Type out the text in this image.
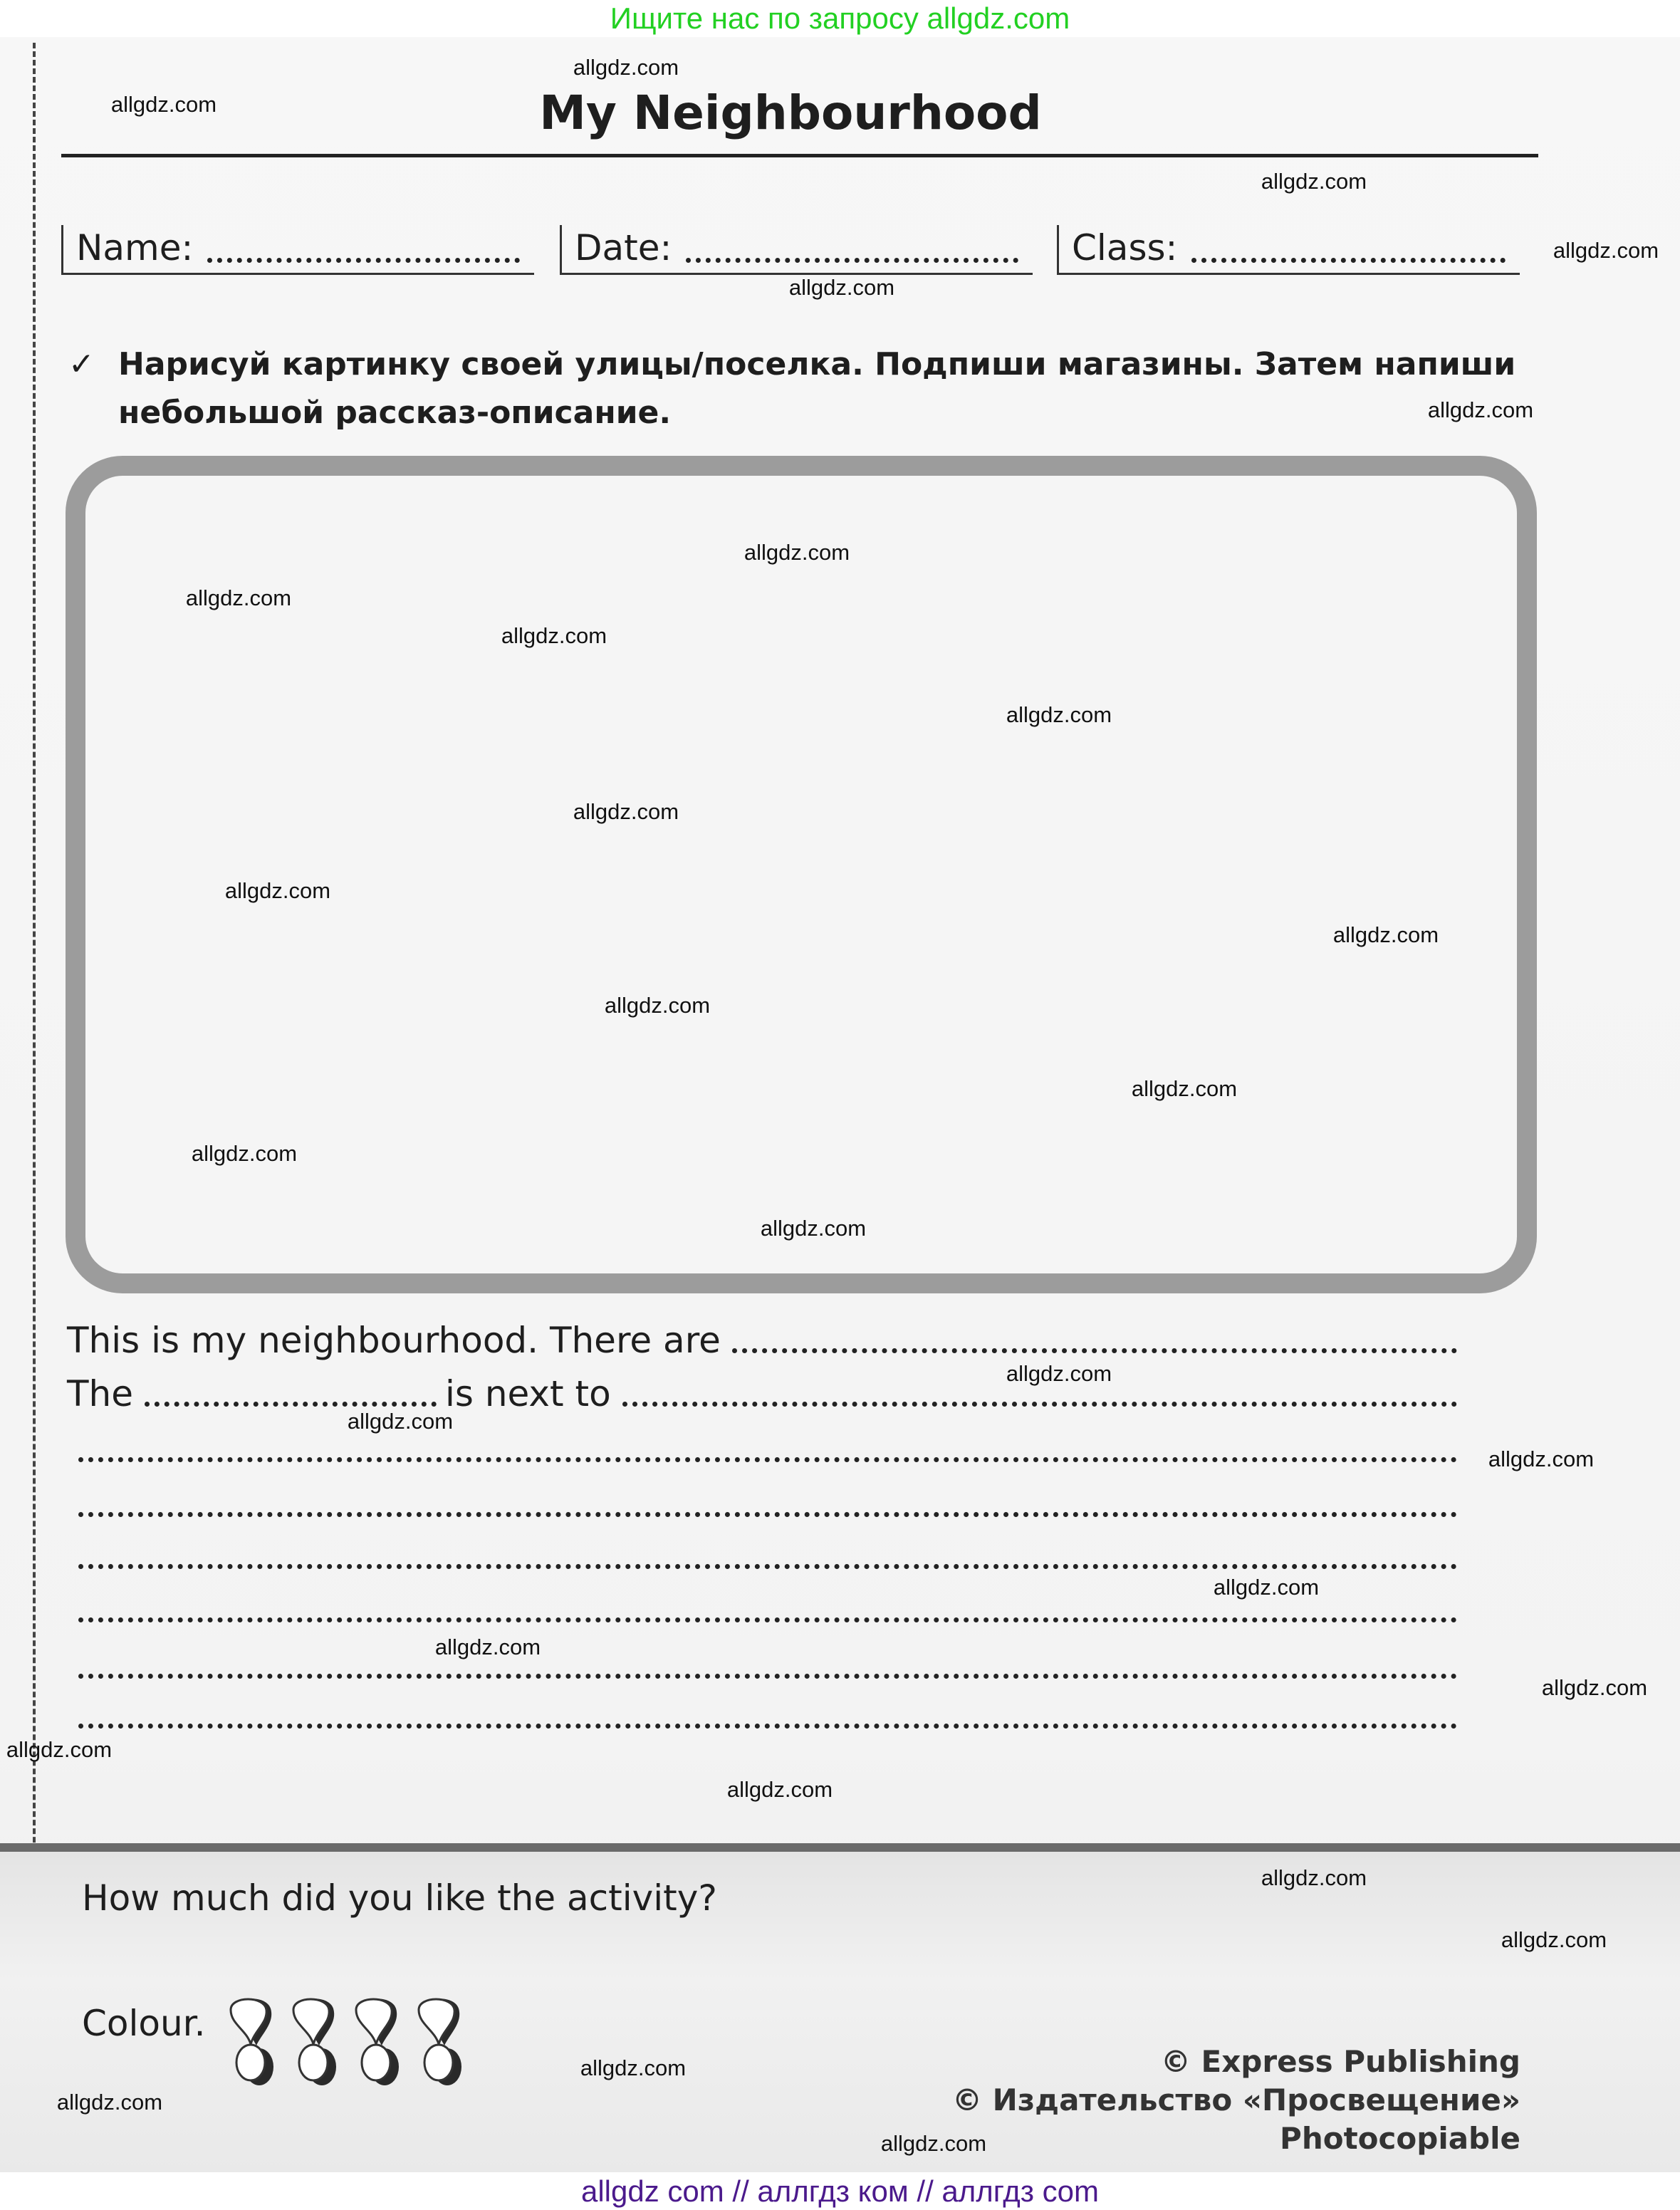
Ищите нас по запросу allgdz.com
My Neighbourhood
Name:	Date:	Class:
✓ Нарисуй картинку своей улицы/поселка. Подпиши магазины. Затем напиши
небольшой рассказ-описание.
This is my neighbourhood. There are
The	is next to
How much did you like the activity?
Colour.
© Express Publishing
© Издательство «Просвещение»
Photocopiable
allgdz com // аллгдз ком // аллгдз com
allgdz.com
allgdz.com
allgdz.com
allgdz.com
allgdz.com
allgdz.com
allgdz.com
allgdz.com
allgdz.com
allgdz.com
allgdz.com
allgdz.com
allgdz.com
allgdz.com
allgdz.com
allgdz.com
allgdz.com
allgdz.com
allgdz.com
allgdz.com
allgdz.com
allgdz.com
allgdz.com
allgdz.com
allgdz.com
allgdz.com
allgdz.com
allgdz.com
allgdz.com
allgdz.com
